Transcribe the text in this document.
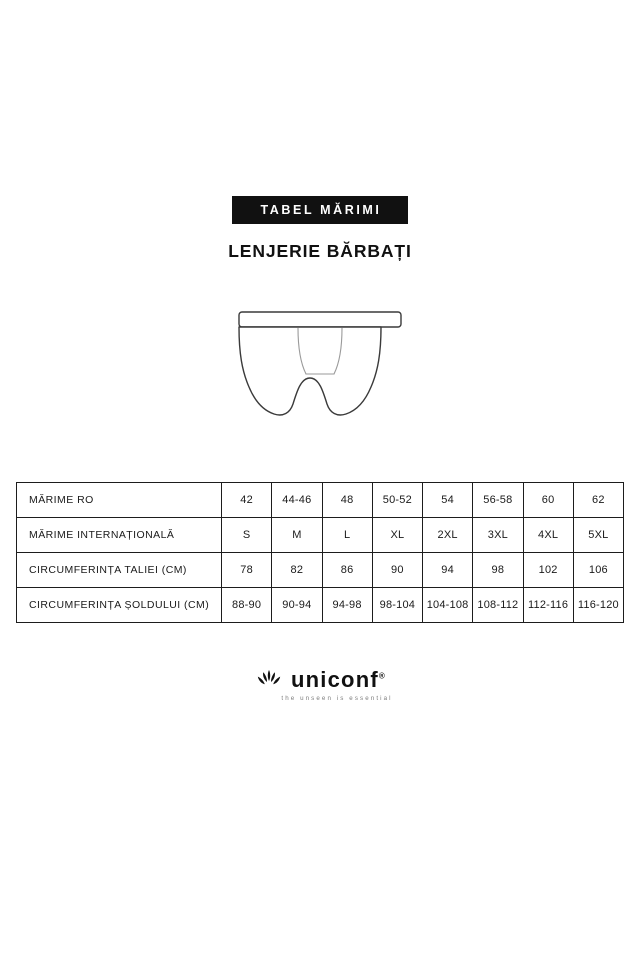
TABEL MĂRIMI
LENJERIE BĂRBAȚI
MĂRIME RO	42	44-46	48	50-52	54	56-58	60	62
MĂRIME INTERNAȚIONALĂ	S	M	L	XL	2XL	3XL	4XL	5XL
CIRCUMFERINȚA TALIEI (CM)	78	82	86	90	94	98	102	106
CIRCUMFERINȚA ȘOLDULUI (CM)	88-90	90-94	94-98	98-104	104-108	108-112	112-116	116-120
uniconf®
the unseen is essential
